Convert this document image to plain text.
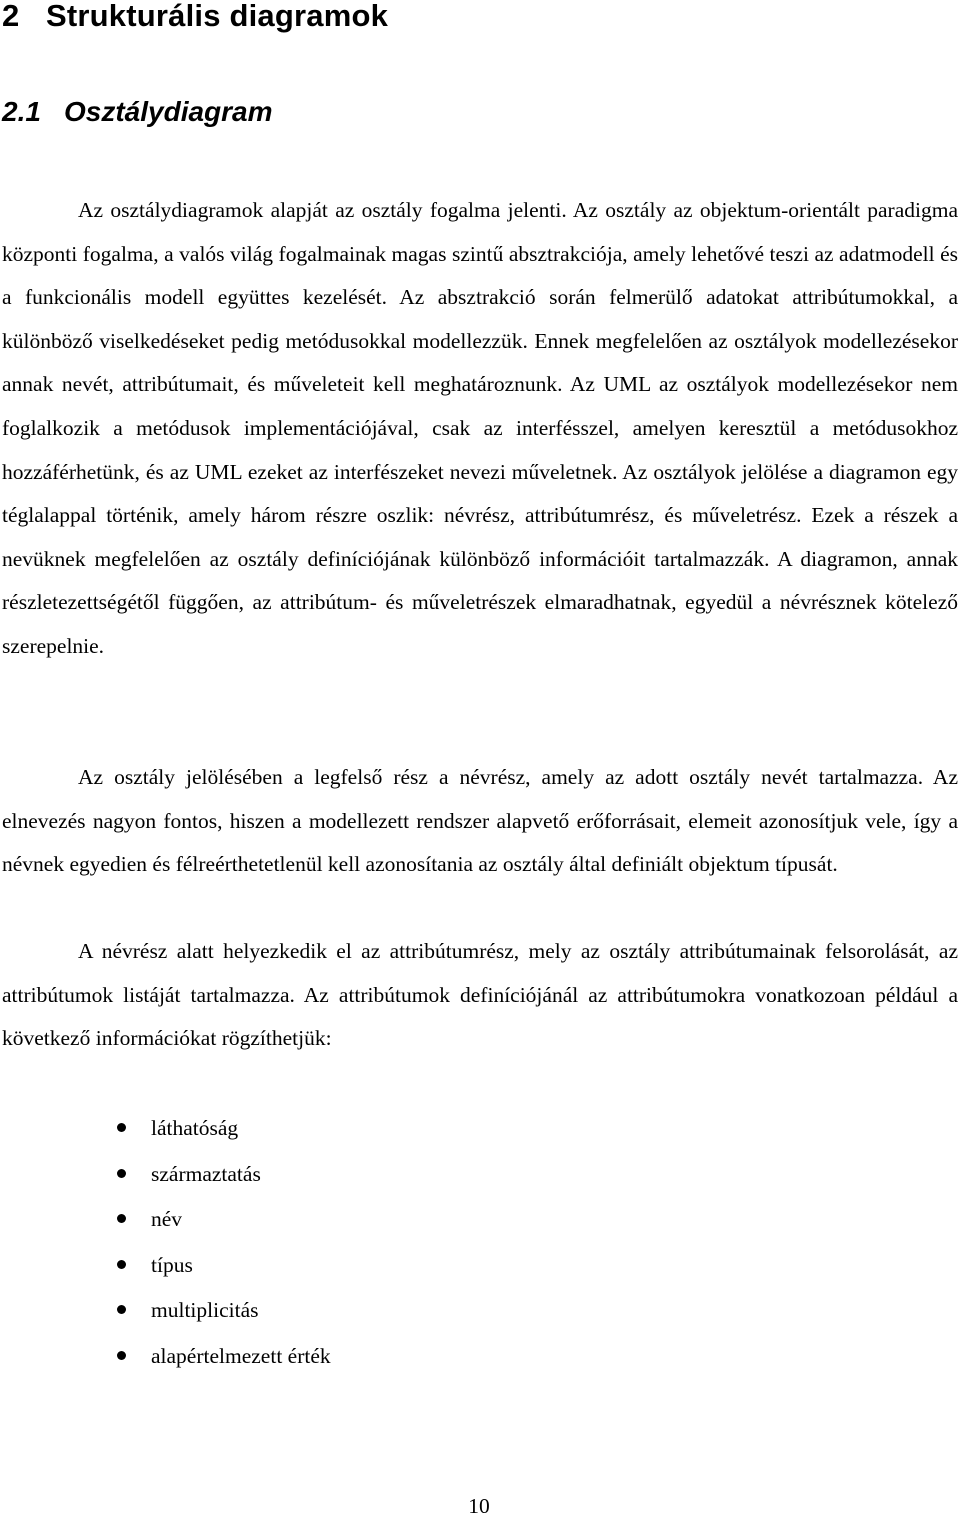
2 Strukturális diagramok
2.1 Osztálydiagram

Az osztálydiagramok alapját az osztály fogalma jelenti. Az osztály az objektum-orientált paradigma központi fogalma, a valós világ fogalmainak magas szintű absztrakciója, amely lehetővé teszi az adatmodell és a funkcionális modell együttes kezelését. Az absztrakció során felmerülő adatokat attribútumokkal, a különböző viselkedéseket pedig metódusokkal modellezzük. Ennek megfelelően az osztályok modellezésekor annak nevét, attribútumait, és műveleteit kell meghatároznunk. Az UML az osztályok modellezésekor nem foglalkozik a metódusok implementációjával, csak az interfésszel, amelyen keresztül a metódusokhoz hozzáférhetünk, és az UML ezeket az interfészeket nevezi műveletnek. Az osztályok jelölése a diagramon egy téglalappal történik, amely három részre oszlik: névrész, attribútumrész, és műveletrész. Ezek a részek a nevüknek megfelelően az osztály definíciójának különböző információit tartalmazzák. A diagramon, annak részletezettségétől függően, az attribútum- és műveletrészek elmaradhatnak, egyedül a névrésznek kötelező szerepelnie.

Az osztály jelölésében a legfelső rész a névrész, amely az adott osztály nevét tartalmazza. Az elnevezés nagyon fontos, hiszen a modellezett rendszer alapvető erőforrásait, elemeit azonosítjuk vele, így a névnek egyedien és félreérthetetlenül kell azonosítania az osztály által definiált objektum típusát.

A névrész alatt helyezkedik el az attribútumrész, mely az osztály attribútumainak felsorolását, az attribútumok listáját tartalmazza. Az attribútumok definíciójánál az attribútumokra vonatkozoan például a következő információkat rögzíthetjük:

láthatóság
származtatás
név
típus
multiplicitás
alapértelmezett érték
10
